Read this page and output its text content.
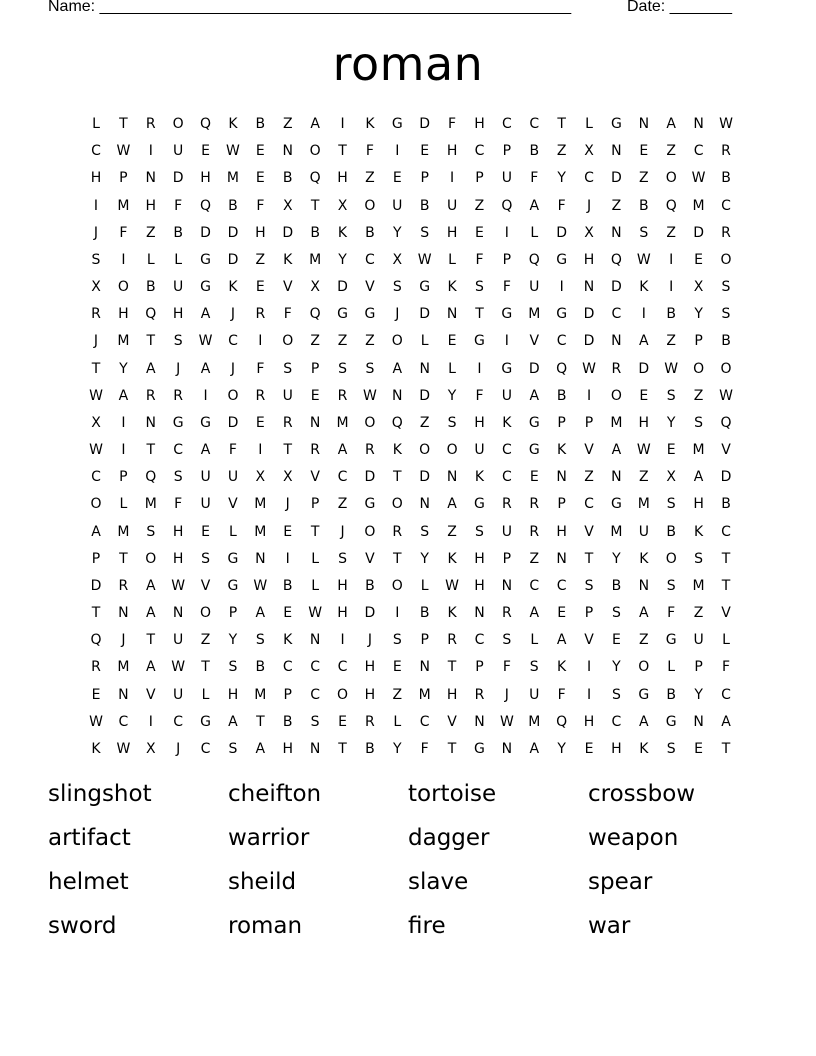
Name: _____________________________________________________	Date: _______
roman
L	T	R	O	Q	K	B	Z	A	I	K	G	D	F	H	C	C	T	L	G	N	A	N	W
C	W	I	U	E	W	E	N	O	T	F	I	E	H	C	P	B	Z	X	N	E	Z	C	R
H	P	N	D	H	M	E	B	Q	H	Z	E	P	I	P	U	F	Y	C	D	Z	O	W	B
I	M	H	F	Q	B	F	X	T	X	O	U	B	U	Z	Q	A	F	J	Z	B	Q	M	C
J	F	Z	B	D	D	H	D	B	K	B	Y	S	H	E	I	L	D	X	N	S	Z	D	R
S	I	L	L	G	D	Z	K	M	Y	C	X	W	L	F	P	Q	G	H	Q	W	I	E	O
X	O	B	U	G	K	E	V	X	D	V	S	G	K	S	F	U	I	N	D	K	I	X	S
R	H	Q	H	A	J	R	F	Q	G	G	J	D	N	T	G	M	G	D	C	I	B	Y	S
J	M	T	S	W	C	I	O	Z	Z	Z	O	L	E	G	I	V	C	D	N	A	Z	P	B
T	Y	A	J	A	J	F	S	P	S	S	A	N	L	I	G	D	Q	W	R	D	W	O	O
W	A	R	R	I	O	R	U	E	R	W	N	D	Y	F	U	A	B	I	O	E	S	Z	W
X	I	N	G	G	D	E	R	N	M	O	Q	Z	S	H	K	G	P	P	M	H	Y	S	Q
W	I	T	C	A	F	I	T	R	A	R	K	O	O	U	C	G	K	V	A	W	E	M	V
C	P	Q	S	U	U	X	X	V	C	D	T	D	N	K	C	E	N	Z	N	Z	X	A	D
O	L	M	F	U	V	M	J	P	Z	G	O	N	A	G	R	R	P	C	G	M	S	H	B
A	M	S	H	E	L	M	E	T	J	O	R	S	Z	S	U	R	H	V	M	U	B	K	C
P	T	O	H	S	G	N	I	L	S	V	T	Y	K	H	P	Z	N	T	Y	K	O	S	T
D	R	A	W	V	G	W	B	L	H	B	O	L	W	H	N	C	C	S	B	N	S	M	T
T	N	A	N	O	P	A	E	W	H	D	I	B	K	N	R	A	E	P	S	A	F	Z	V
Q	J	T	U	Z	Y	S	K	N	I	J	S	P	R	C	S	L	A	V	E	Z	G	U	L
R	M	A	W	T	S	B	C	C	C	H	E	N	T	P	F	S	K	I	Y	O	L	P	F
E	N	V	U	L	H	M	P	C	O	H	Z	M	H	R	J	U	F	I	S	G	B	Y	C
W	C	I	C	G	A	T	B	S	E	R	L	C	V	N	W M	Q	H	C	A	G	N	A
K	W	X	J	C	S	A	H	N	T	B	Y	F	T	G	N	A	Y	E	H	K	S	E	T
slingshot	cheifton	tortoise	crossbow
artifact	warrior	dagger	weapon
helmet	sheild	slave	spear
sword	roman	fire	war
